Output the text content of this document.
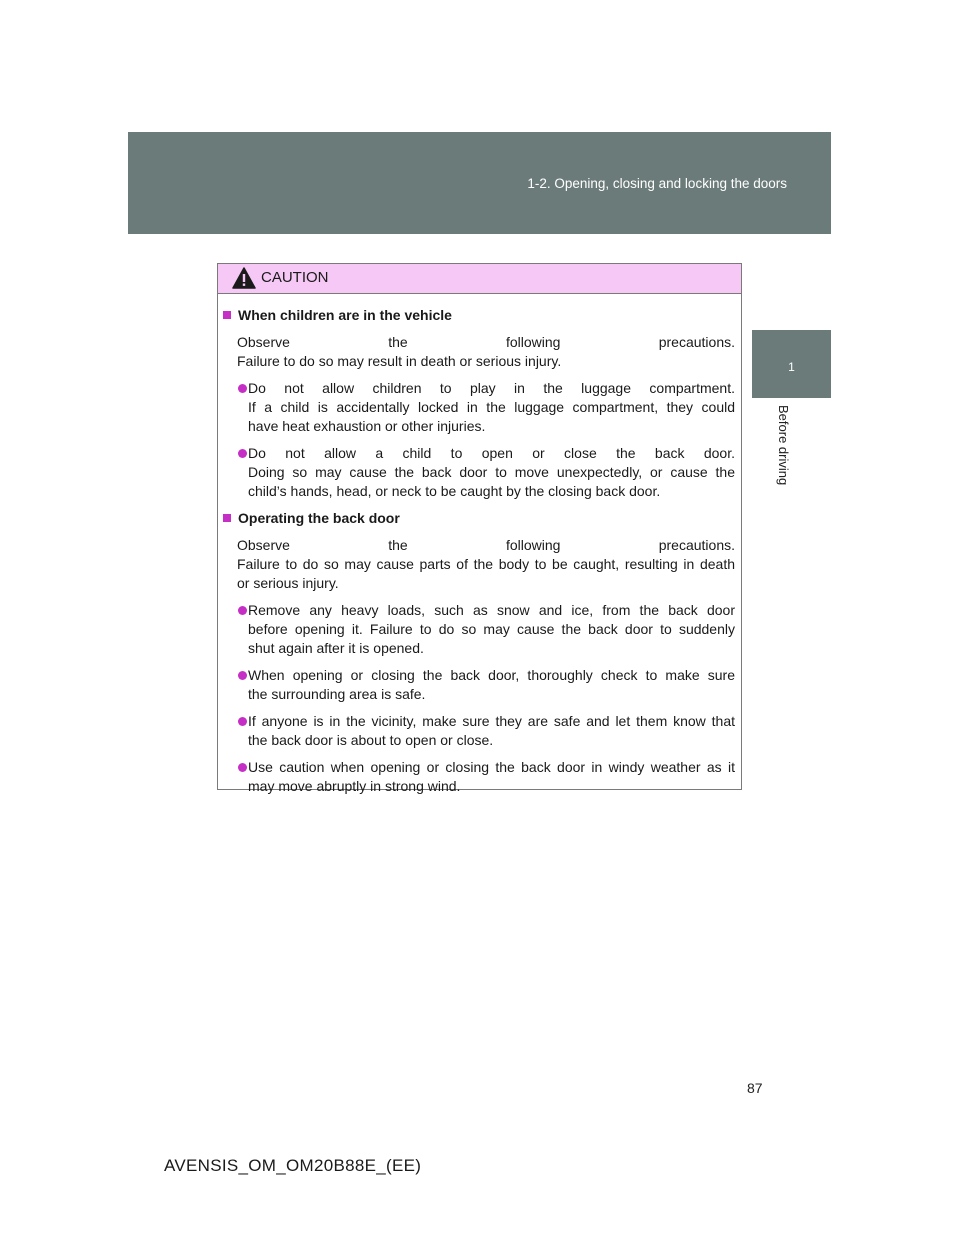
1-2. Opening, closing and locking the doors
1
Before driving
CAUTION
When children are in the vehicle
Observe the following precautions.
Failure to do so may result in death or serious injury.
Do not allow children to play in the luggage compartment.
If a child is accidentally locked in the luggage compartment, they could
have heat exhaustion or other injuries.
Do not allow a child to open or close the back door.
Doing so may cause the back door to move unexpectedly, or cause the
child’s hands, head, or neck to be caught by the closing back door.
Operating the back door
Observe the following precautions.
Failure to do so may cause parts of the body to be caught, resulting in death
or serious injury.
Remove any heavy loads, such as snow and ice, from the back door
before opening it. Failure to do so may cause the back door to suddenly
shut again after it is opened.
When opening or closing the back door, thoroughly check to make sure
the surrounding area is safe.
If anyone is in the vicinity, make sure they are safe and let them know that
the back door is about to open or close.
Use caution when opening or closing the back door in windy weather as it
may move abruptly in strong wind.
87
AVENSIS_OM_OM20B88E_(EE)
